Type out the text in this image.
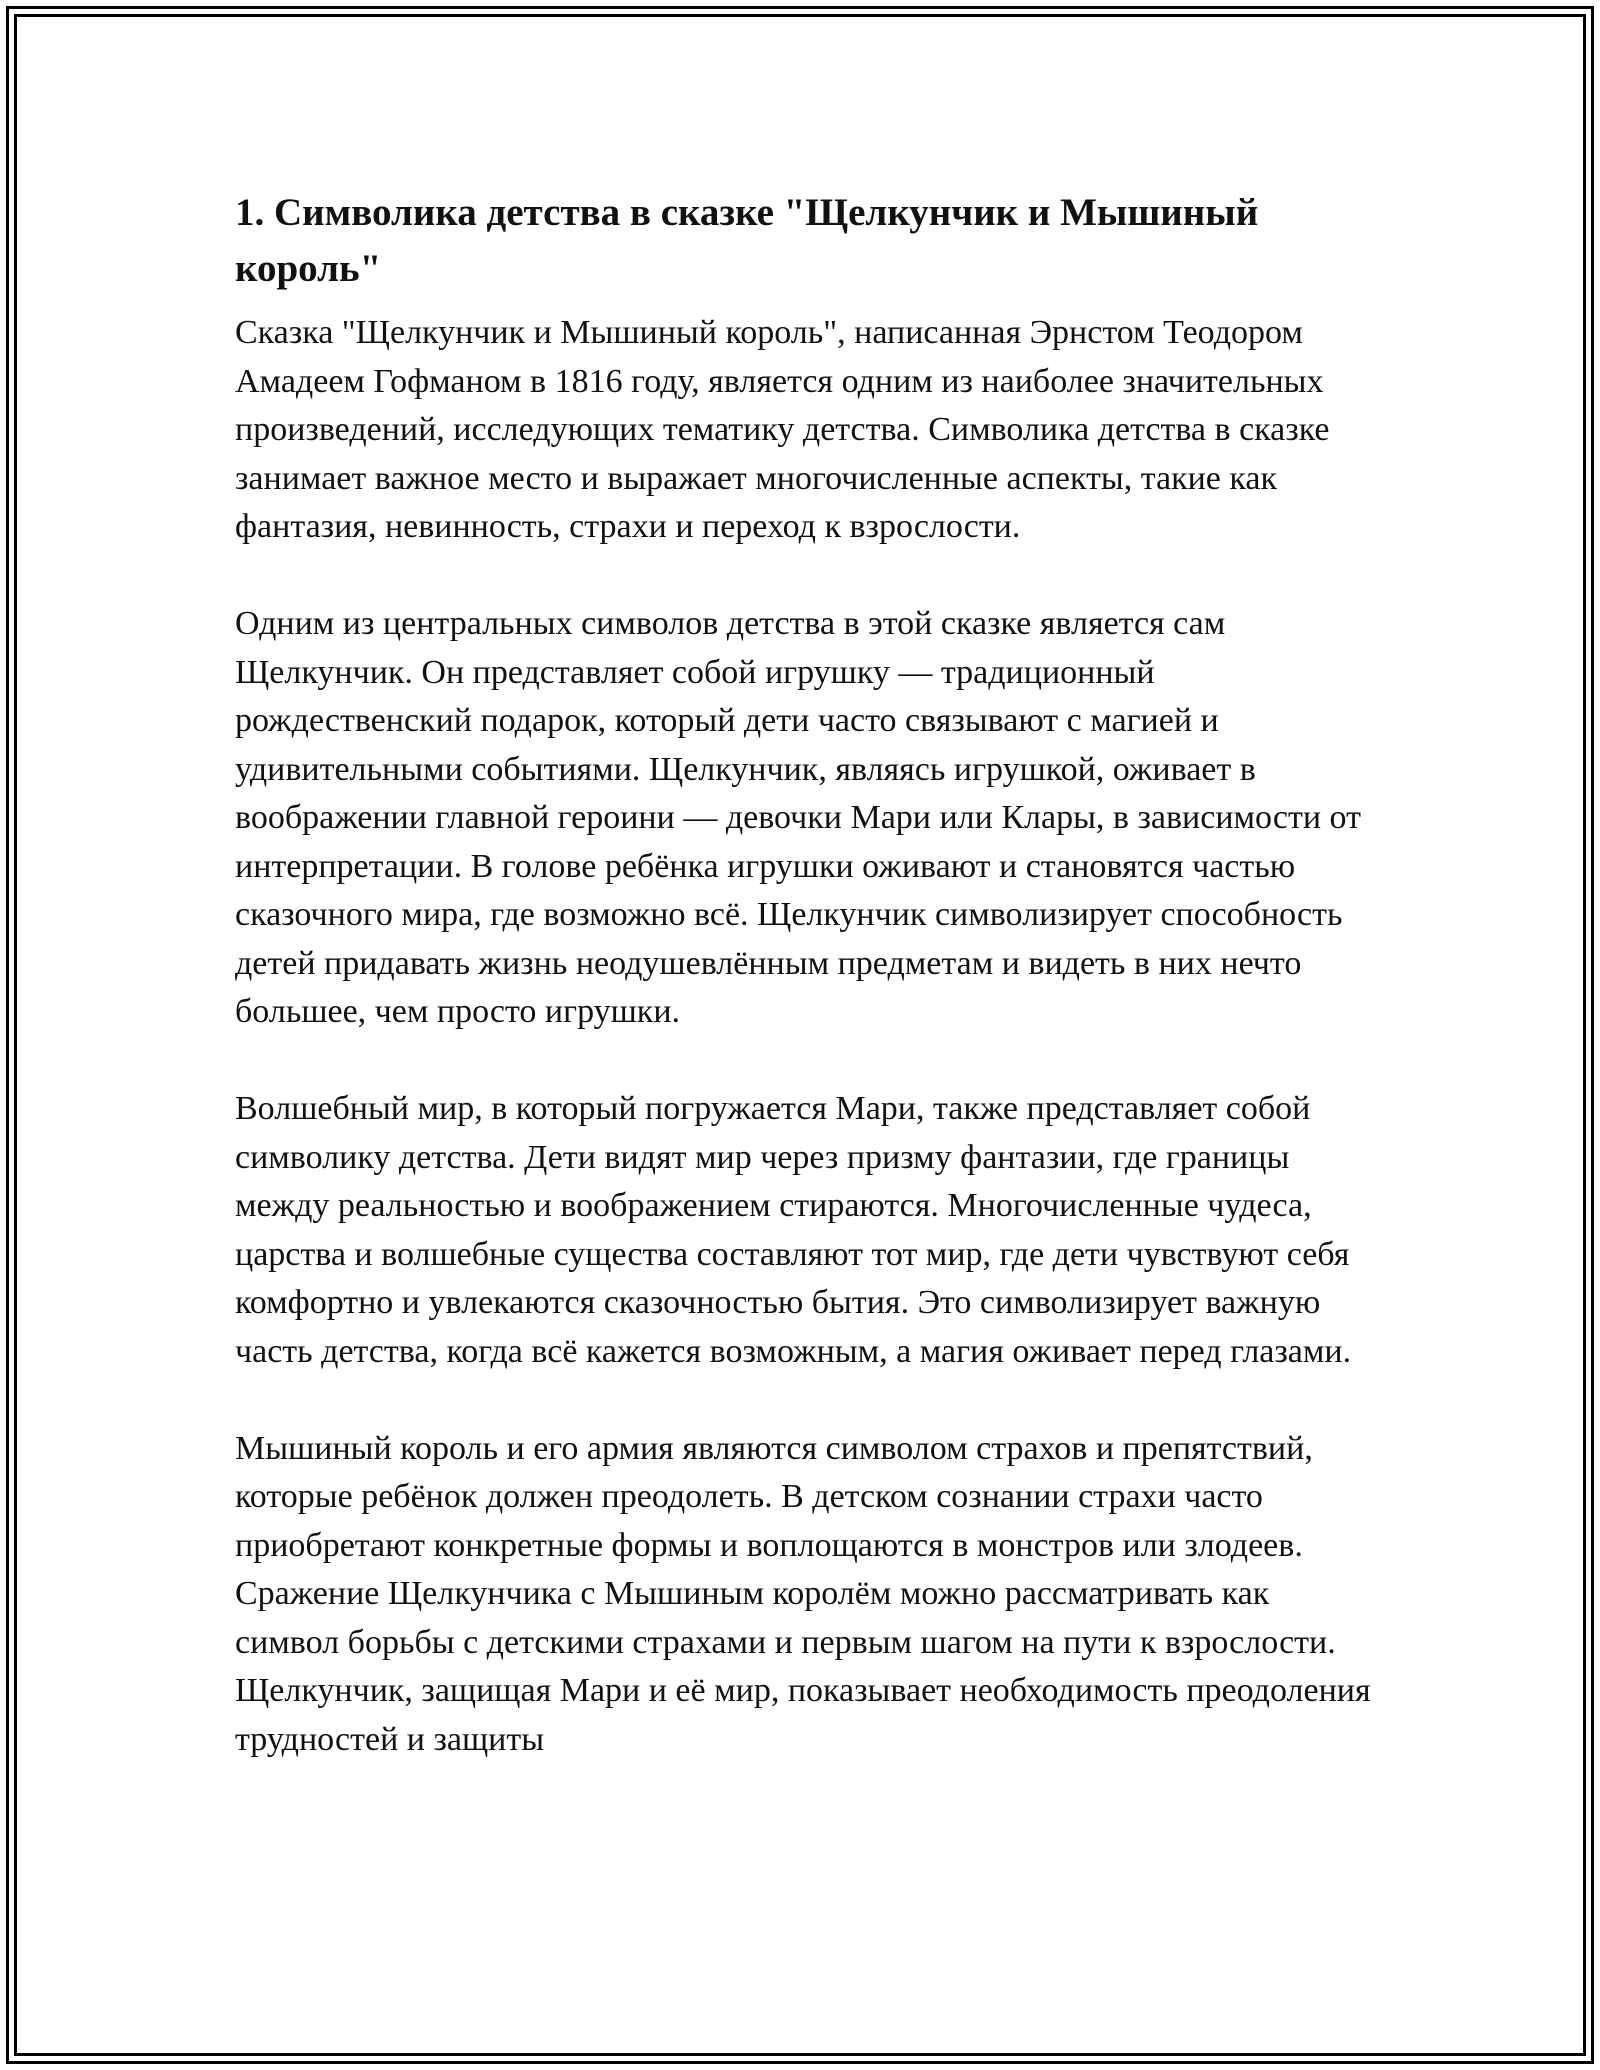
1. Символика детства в сказке "Щелкунчик и Мышиный король"

Сказка "Щелкунчик и Мышиный король", написанная Эрнстом Теодором Амадеем Гофманом в 1816 году, является одним из наиболее значительных произведений, исследующих тематику детства. Символика детства в сказке занимает важное место и выражает многочисленные аспекты, такие как фантазия, невинность, страхи и переход к взрослости.

Одним из центральных символов детства в этой сказке является сам Щелкунчик. Он представляет собой игрушку — традиционный рождественский подарок, который дети часто связывают с магией и удивительными событиями. Щелкунчик, являясь игрушкой, оживает в воображении главной героини — девочки Мари или Клары, в зависимости от интерпретации. В голове ребёнка игрушки оживают и становятся частью сказочного мира, где возможно всё. Щелкунчик символизирует способность детей придавать жизнь неодушевлённым предметам и видеть в них нечто большее, чем просто игрушки.

Волшебный мир, в который погружается Мари, также представляет собой символику детства. Дети видят мир через призму фантазии, где границы между реальностью и воображением стираются. Многочисленные чудеса, царства и волшебные существа составляют тот мир, где дети чувствуют себя комфортно и увлекаются сказочностью бытия. Это символизирует важную часть детства, когда всё кажется возможным, а магия оживает перед глазами.

Мышиный король и его армия являются символом страхов и препятствий, которые ребёнок должен преодолеть. В детском сознании страхи часто приобретают конкретные формы и воплощаются в монстров или злодеев. Сражение Щелкунчика с Мышиным королём можно рассматривать как символ борьбы с детскими страхами и первым шагом на пути к взрослости. Щелкунчик, защищая Мари и её мир, показывает необходимость преодоления трудностей и защиты
